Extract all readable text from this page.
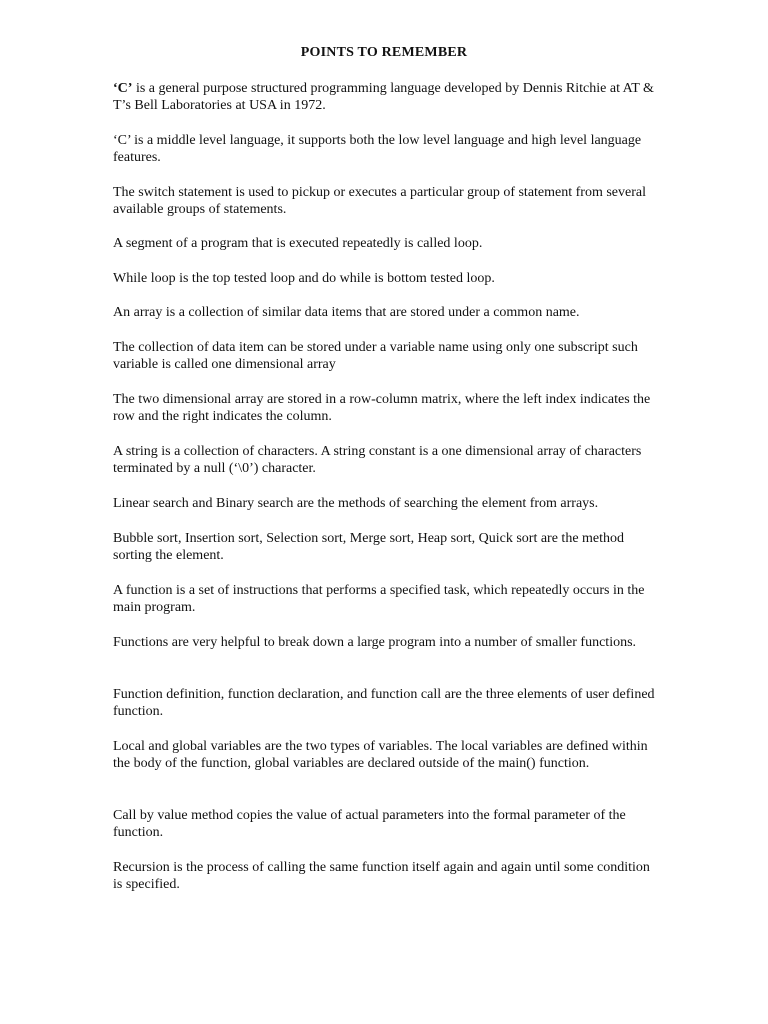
POINTS TO REMEMBER

‘C’ is a general purpose structured programming language developed by Dennis Ritchie at AT & T’s Bell Laboratories at USA in 1972.

‘C’ is a middle level language, it supports both the low level language and high level language features.

The switch statement is used to pickup or executes a particular group of statement from several available groups of statements.

A segment of a program that is executed repeatedly is called loop.

While loop is the top tested loop and do while is bottom tested loop.

An array is a collection of similar data items that are stored under a common name.

The collection of data item can be stored under a variable name using only one subscript such variable is called one dimensional array

The two dimensional array are stored in a row-column matrix, where the left index indicates the row and the right indicates the column.

A string is a collection of characters. A string constant is a one dimensional array of characters terminated by a null (‘\0’) character.

Linear search and Binary search are the methods of searching the element from arrays.

Bubble sort, Insertion sort, Selection sort, Merge sort, Heap sort, Quick sort are the method sorting the element.

A function is a set of instructions that performs a specified task, which repeatedly occurs in the main program.

Functions are very helpful to break down a large program into a number of smaller functions.

Function definition, function declaration, and function call are the three elements of user defined function.

Local and global variables are the two types of variables. The local variables are defined within the body of the function, global variables are declared outside of the main() function.

Call by value method copies the value of actual parameters into the formal parameter of the function.

Recursion is the process of calling the same function itself again and again until some condition is specified.
